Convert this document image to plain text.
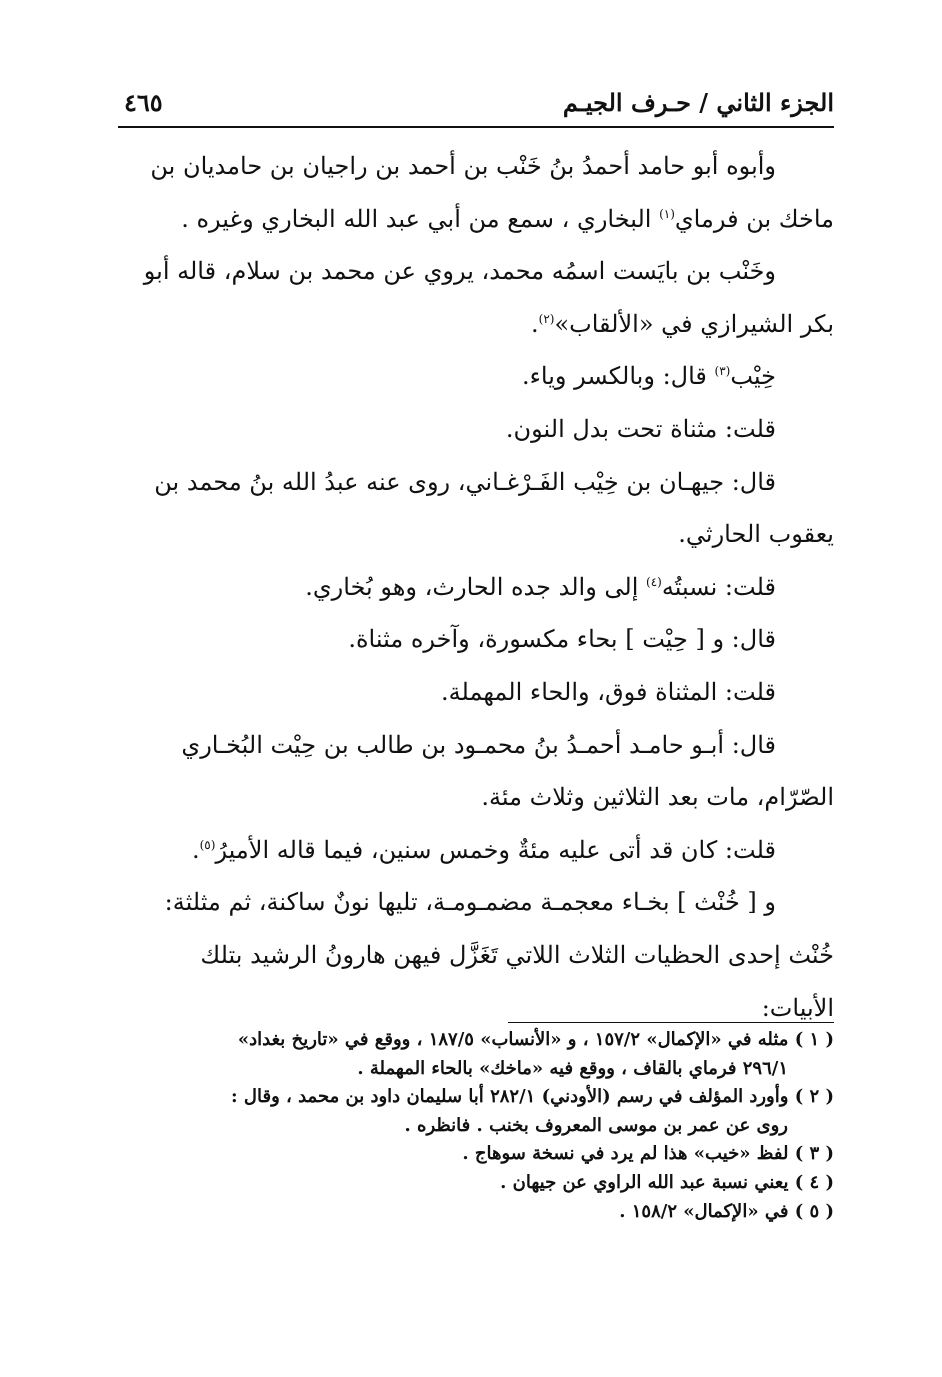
الجزء الثاني / حـرف الجيـم
٤٦٥

وأبوه أبو حامد أحمدُ بنُ خَنْب بن أحمد بن راجيان بن حامديان بن

ماخك بن فرماي$^{(١)}$ البخاري ، سمع من أبي عبد الله البخاري وغيره .

وخَنْب بن بايَست اسمُه محمد، يروي عن محمد بن سلام، قاله أبو

بكر الشيرازي في «الألقاب»$^{(٢)}$.

خِيْب$^{(٣)}$ قال: وبالكسر وياء.

قلت: مثناة تحت بدل النون.

قال: جيهـان بن خِيْب الفَـرْغـاني، روى عنه عبدُ الله بنُ محمد بن

يعقوب الحارثي.

قلت: نسبتُه$^{(٤)}$ إلى والد جده الحارث، وهو بُخاري.

قال: و [ حِيْت ] بحاء مكسورة، وآخره مثناة.

قلت: المثناة فوق، والحاء المهملة.

قال: أبـو حامـد أحمـدُ بنُ محمـود بن طالب بن حِيْت البُخـاري

الصّرّام، مات بعد الثلاثين وثلاث مئة.

قلت: كان قد أتى عليه مئةٌ وخمس سنين، فيما قاله الأميرُ$^{(٥)}$.

و [ خُنْث ] بخـاء معجمـة مضمـومـة، تليها نونٌ ساكنة، ثم مثلثة:

خُنْث إحدى الحظيات الثلاث اللاتي تَغَزَّل فيهن هارونُ الرشيد بتلك

الأبيات:

( ١ ) مثله في «الإكمال» ١٥٧/٢ ، و «الأنساب» ١٨٧/٥ ، ووقع في «تاريخ بغداد»

٢٩٦/١ فرماي بالقاف ، ووقع فيه «ماخك» بالحاء المهملة .

( ٢ ) وأورد المؤلف في رسم (الأودني) ٢٨٢/١ أبا سليمان داود بن محمد ، وقال :

روى عن عمر بن موسى المعروف بخنب . فانظره .

( ٣ ) لفظ «خيب» هذا لم يرد في نسخة سوهاج .

( ٤ ) يعني نسبة عبد الله الراوي عن جيهان .

( ٥ ) في «الإكمال» ١٥٨/٢ .
